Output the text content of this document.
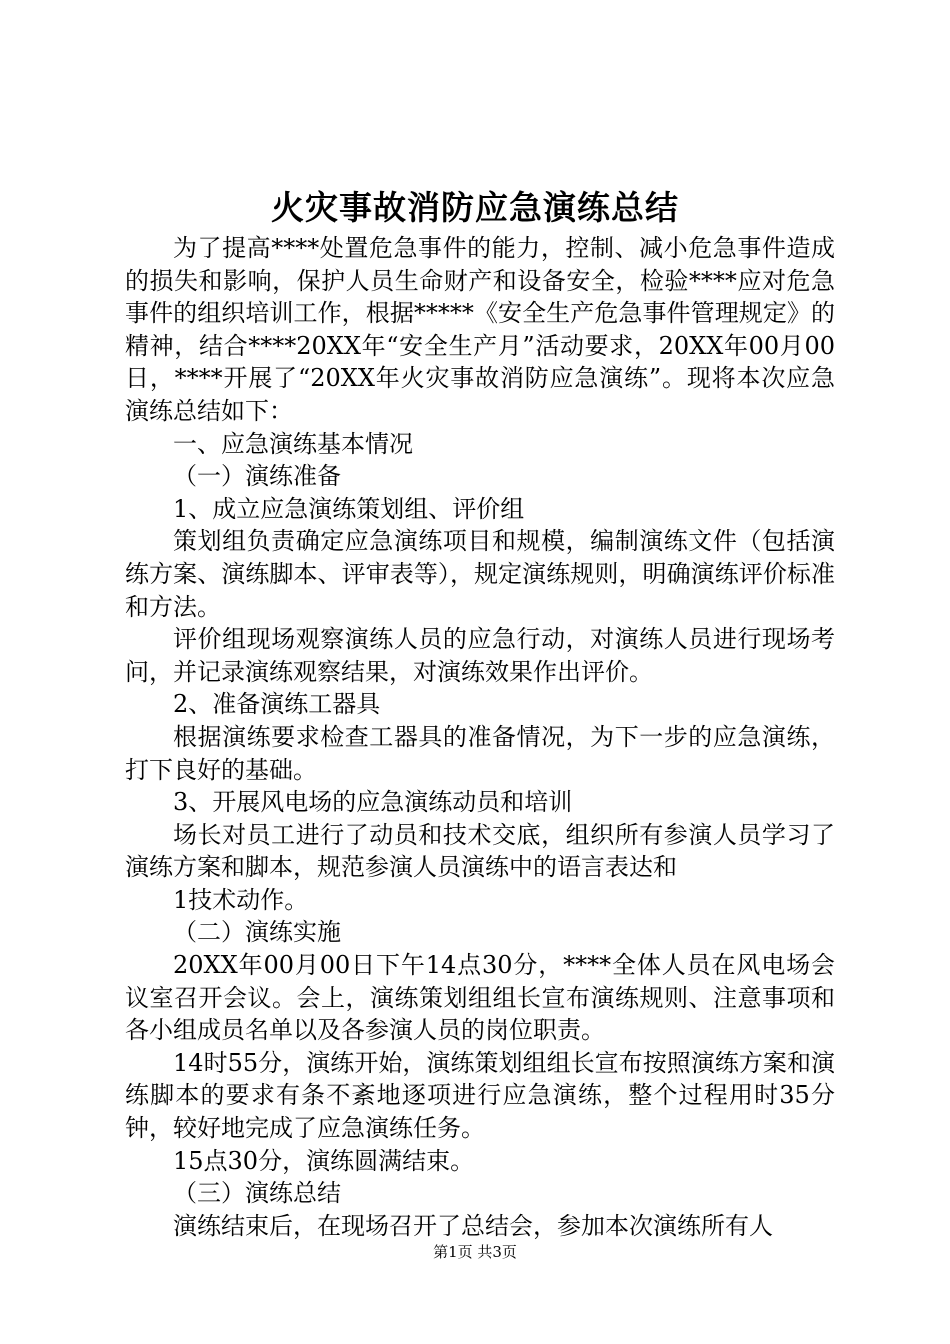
火灾事故消防应急演练总结

为了提高****处置危急事件的能力，控制、减小危急事件造成的损失和影响，保护人员生命财产和设备安全，检验****应对危急事件的组织培训工作，根据*****《安全生产危急事件管理规定》的精神，结合****20XX年“安全生产月”活动要求，20XX年00月00日，****开展了“20XX年火灾事故消防应急演练”。现将本次应急演练总结如下：

一、应急演练基本情况

（一）演练准备

1、成立应急演练策划组、评价组

策划组负责确定应急演练项目和规模，编制演练文件（包括演练方案、演练脚本、评审表等），规定演练规则，明确演练评价标准和方法。

评价组现场观察演练人员的应急行动，对演练人员进行现场考问，并记录演练观察结果，对演练效果作出评价。

2、准备演练工器具

根据演练要求检查工器具的准备情况，为下一步的应急演练，打下良好的基础。

3、开展风电场的应急演练动员和培训

场长对员工进行了动员和技术交底，组织所有参演人员学习了演练方案和脚本，规范参演人员演练中的语言表达和

1技术动作。

（二）演练实施

20XX年00月00日下午14点30分，****全体人员在风电场会议室召开会议。会上，演练策划组组长宣布演练规则、注意事项和各小组成员名单以及各参演人员的岗位职责。

14时55分，演练开始，演练策划组组长宣布按照演练方案和演练脚本的要求有条不紊地逐项进行应急演练，整个过程用时35分钟，较好地完成了应急演练任务。

15点30分，演练圆满结束。

（三）演练总结

演练结束后，在现场召开了总结会，参加本次演练所有人

第1页 共3页
